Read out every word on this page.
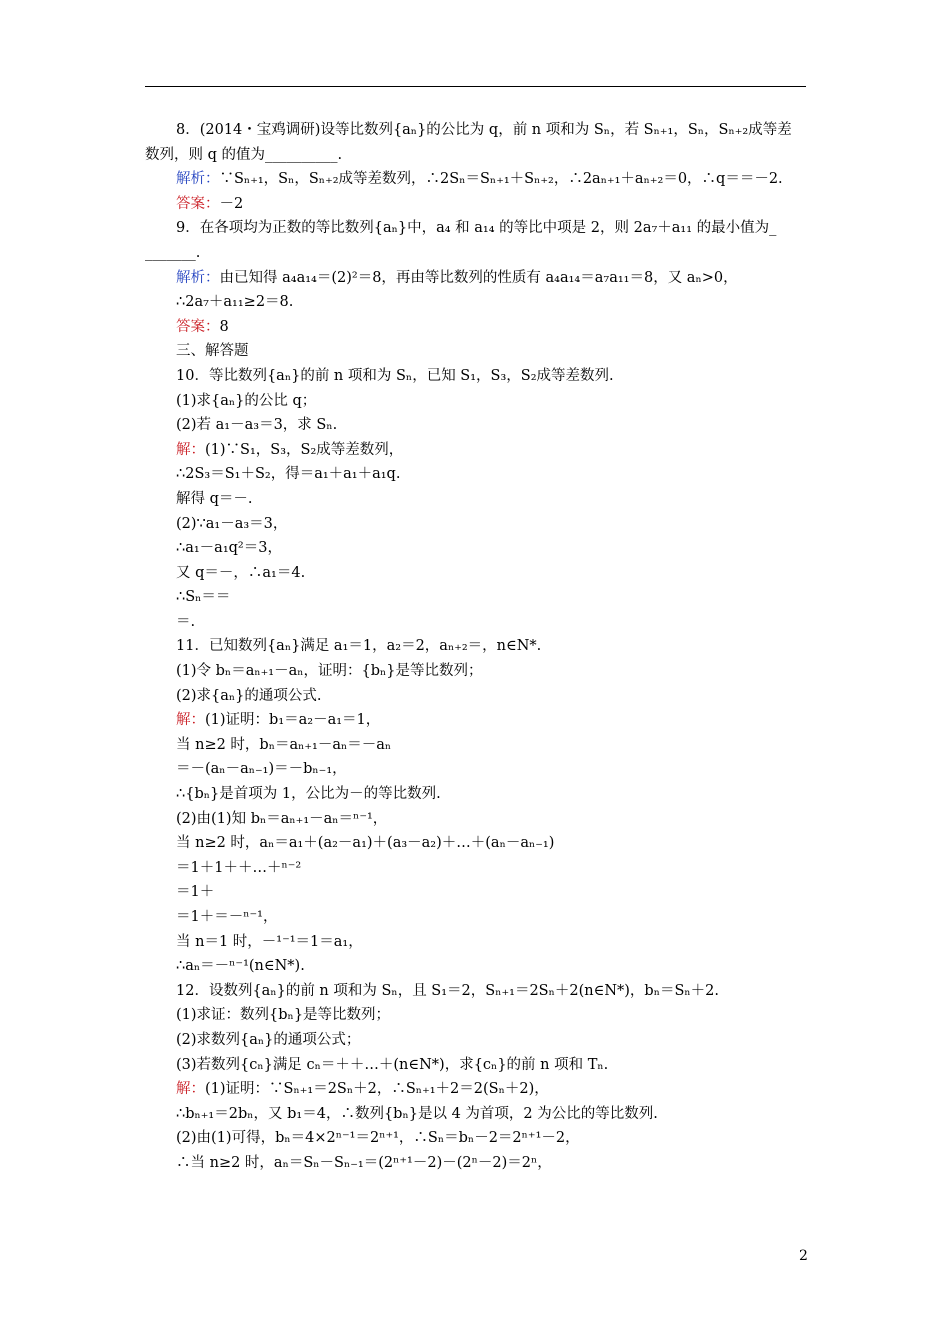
8．(2014・宝鸡调研)设等比数列{aₙ}的公比为 q，前 n 项和为 Sₙ，若 Sₙ₊₁，Sₙ，Sₙ₊₂成等差
数列，则 q 的值为__________.
解析：∵Sₙ₊₁，Sₙ，Sₙ₊₂成等差数列，∴2Sₙ＝Sₙ₊₁＋Sₙ₊₂，∴2aₙ₊₁＋aₙ₊₂＝0，∴q＝＝－2.
答案：－2
9．在各项均为正数的等比数列{aₙ}中，a₄ 和 a₁₄ 的等比中项是 2，则 2a₇＋a₁₁ 的最小值为_
_______.
解析：由已知得 a₄a₁₄＝(2)²＝8，再由等比数列的性质有 a₄a₁₄＝a₇a₁₁＝8，又 aₙ>0，
∴2a₇＋a₁₁≥2＝8.
答案：8
三、解答题
10．等比数列{aₙ}的前 n 项和为 Sₙ，已知 S₁，S₃，S₂成等差数列.
(1)求{aₙ}的公比 q；
(2)若 a₁－a₃＝3，求 Sₙ.
解：(1)∵S₁，S₃，S₂成等差数列，
∴2S₃＝S₁＋S₂，得＝a₁＋a₁＋a₁q.
解得 q＝－.
(2)∵a₁－a₃＝3，
∴a₁－a₁q²＝3，
又 q＝－，∴a₁＝4.
∴Sₙ＝＝
＝.
11．已知数列{aₙ}满足 a₁＝1，a₂＝2，aₙ₊₂＝，n∈N*.
(1)令 bₙ＝aₙ₊₁－aₙ，证明：{bₙ}是等比数列；
(2)求{aₙ}的通项公式.
解：(1)证明：b₁＝a₂－a₁＝1，
当 n≥2 时，bₙ＝aₙ₊₁－aₙ＝－aₙ
＝－(aₙ－aₙ₋₁)＝－bₙ₋₁，
∴{bₙ}是首项为 1，公比为－的等比数列.
(2)由(1)知 bₙ＝aₙ₊₁－aₙ＝ⁿ⁻¹，
当 n≥2 时，aₙ＝a₁＋(a₂－a₁)＋(a₃－a₂)＋…＋(aₙ－aₙ₋₁)
＝1＋1＋＋…＋ⁿ⁻²
＝1＋
＝1＋＝－ⁿ⁻¹，
当 n＝1 时，－¹⁻¹＝1＝a₁，
∴aₙ＝－ⁿ⁻¹(n∈N*).
12．设数列{aₙ}的前 n 项和为 Sₙ，且 S₁＝2，Sₙ₊₁＝2Sₙ＋2(n∈N*)，bₙ＝Sₙ＋2.
(1)求证：数列{bₙ}是等比数列；
(2)求数列{aₙ}的通项公式；
(3)若数列{cₙ}满足 cₙ＝＋＋…＋(n∈N*)，求{cₙ}的前 n 项和 Tₙ.
解：(1)证明：∵Sₙ₊₁＝2Sₙ＋2，∴Sₙ₊₁＋2＝2(Sₙ＋2)，
∴bₙ₊₁＝2bₙ，又 b₁＝4，∴数列{bₙ}是以 4 为首项，2 为公比的等比数列.
(2)由(1)可得，bₙ＝4×2ⁿ⁻¹＝2ⁿ⁺¹，∴Sₙ＝bₙ－2＝2ⁿ⁺¹－2，
∴当 n≥2 时，aₙ＝Sₙ－Sₙ₋₁＝(2ⁿ⁺¹－2)－(2ⁿ－2)＝2ⁿ，
2
